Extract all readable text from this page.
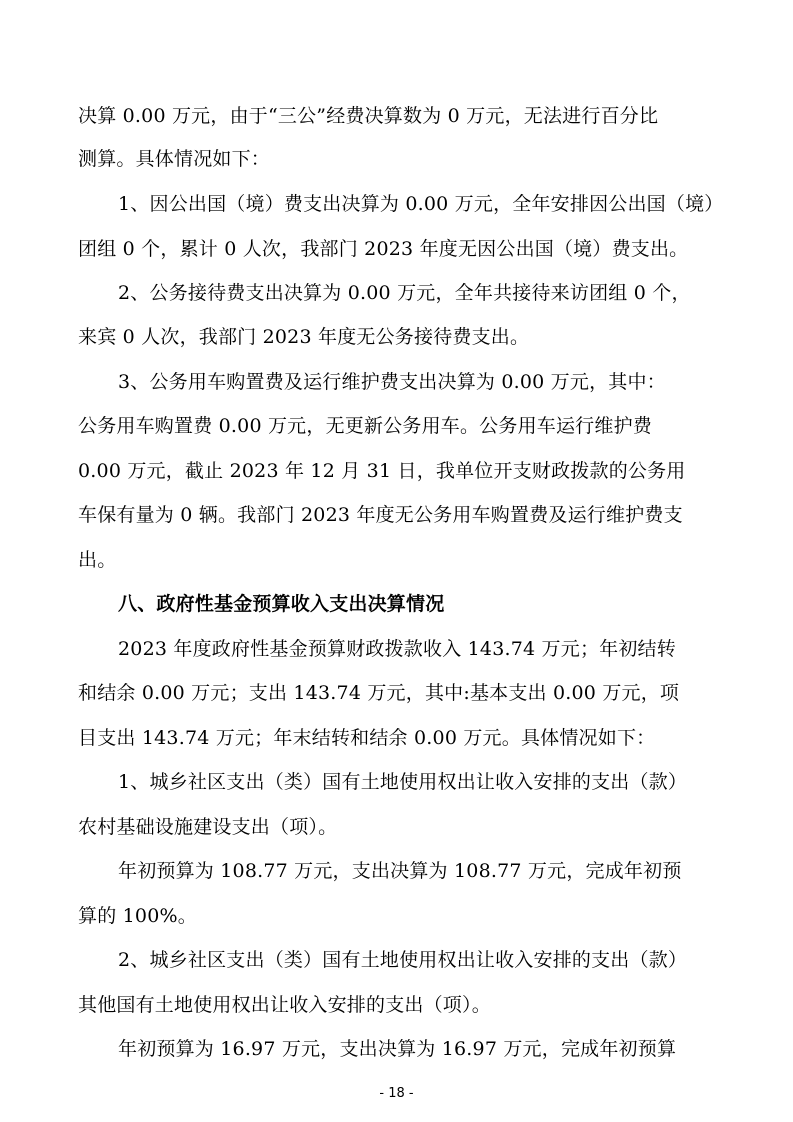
决算 0.00 万元，由于“三公”经费决算数为 0 万元，无法进行百分比
测算。具体情况如下：
1、因公出国（境）费支出决算为 0.00 万元，全年安排因公出国（境）
团组 0 个，累计 0 人次，我部门 2023 年度无因公出国（境）费支出。
2、公务接待费支出决算为 0.00 万元，全年共接待来访团组 0 个，
来宾 0 人次，我部门 2023 年度无公务接待费支出。
3、公务用车购置费及运行维护费支出决算为 0.00 万元，其中：
公务用车购置费 0.00 万元，无更新公务用车。公务用车运行维护费
0.00 万元，截止 2023 年 12 月 31 日，我单位开支财政拨款的公务用
车保有量为 0 辆。我部门 2023 年度无公务用车购置费及运行维护费支
出。
八、政府性基金预算收入支出决算情况
2023 年度政府性基金预算财政拨款收入 143.74 万元；年初结转
和结余 0.00 万元；支出 143.74 万元，其中:基本支出 0.00 万元，项
目支出 143.74 万元；年末结转和结余 0.00 万元。具体情况如下：
1、城乡社区支出（类）国有土地使用权出让收入安排的支出（款）
农村基础设施建设支出（项）。
年初预算为 108.77 万元，支出决算为 108.77 万元，完成年初预
算的 100%。
2、城乡社区支出（类）国有土地使用权出让收入安排的支出（款）
其他国有土地使用权出让收入安排的支出（项）。
年初预算为 16.97 万元，支出决算为 16.97 万元，完成年初预算
- 18 -
